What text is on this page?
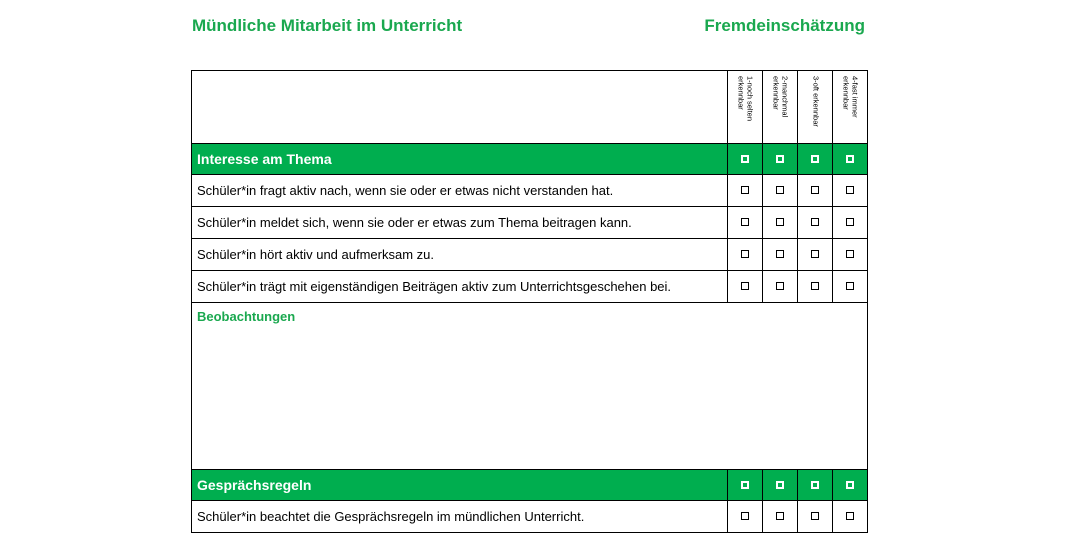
Mündliche Mitarbeit im Unterricht	Fremdeinschätzung

	1-noch selten erkennbar	2-manchmal erkennbar	3-oft erkennbar	4-fast immer erkennbar

Interesse am Thema				
Schüler*in fragt aktiv nach, wenn sie oder er etwas nicht verstanden hat.				
Schüler*in meldet sich, wenn sie oder er etwas zum Thema beitragen kann.				
Schüler*in hört aktiv und aufmerksam zu.				
Schüler*in trägt mit eigenständigen Beiträgen aktiv zum Unterrichtsgeschehen bei.				

Beobachtungen				

Gesprächsregeln				
Schüler*in beachtet die Gesprächsregeln im mündlichen Unterricht.				
